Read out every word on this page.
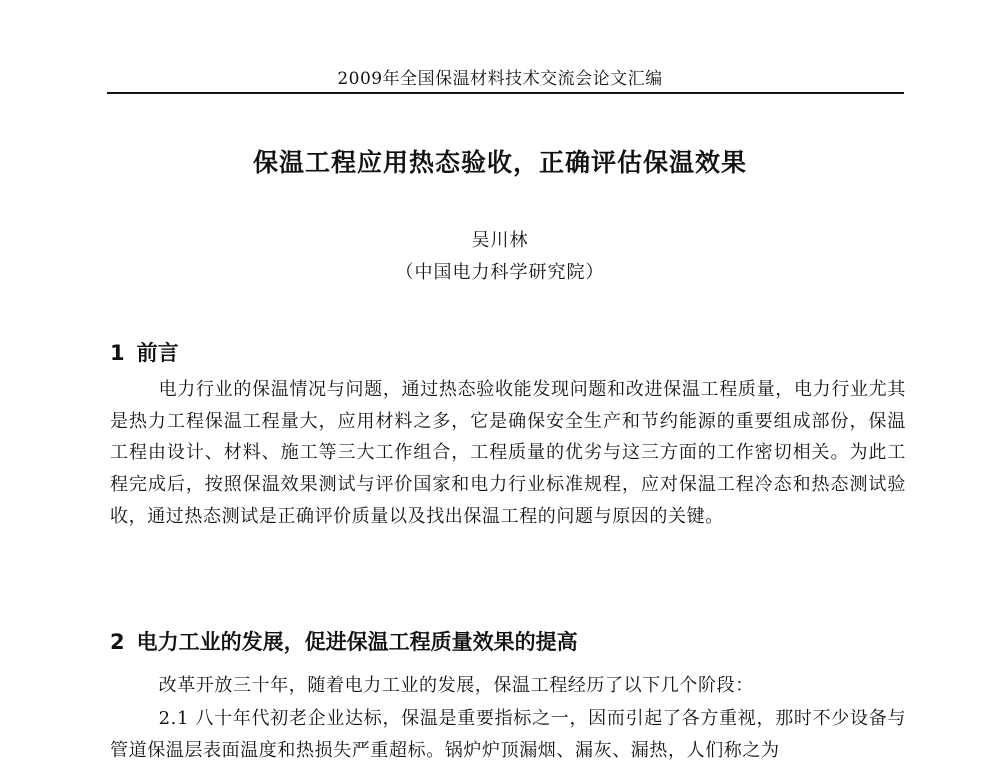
2009年全国保温材料技术交流会论文汇编
保温工程应用热态验收，正确评估保温效果
吴川林
（中国电力科学研究院）
1 前言

电力行业的保温情况与问题，通过热态验收能发现问题和改进保温工程质量，电力行业尤其是热力工程保温工程量大，应用材料之多，它是确保安全生产和节约能源的重要组成部份，保温工程由设计、材料、施工等三大工作组合，工程质量的优劣与这三方面的工作密切相关。为此工程完成后，按照保温效果测试与评价国家和电力行业标准规程，应对保温工程冷态和热态测试验收，通过热态测试是正确评价质量以及找出保温工程的问题与原因的关键。

2 电力工业的发展，促进保温工程质量效果的提高

改革开放三十年，随着电力工业的发展，保温工程经历了以下几个阶段：

2.1 八十年代初老企业达标，保温是重要指标之一，因而引起了各方重视，那时不少设备与管道保温层表面温度和热损失严重超标。锅炉炉顶漏烟、漏灰、漏热，人们称之为
